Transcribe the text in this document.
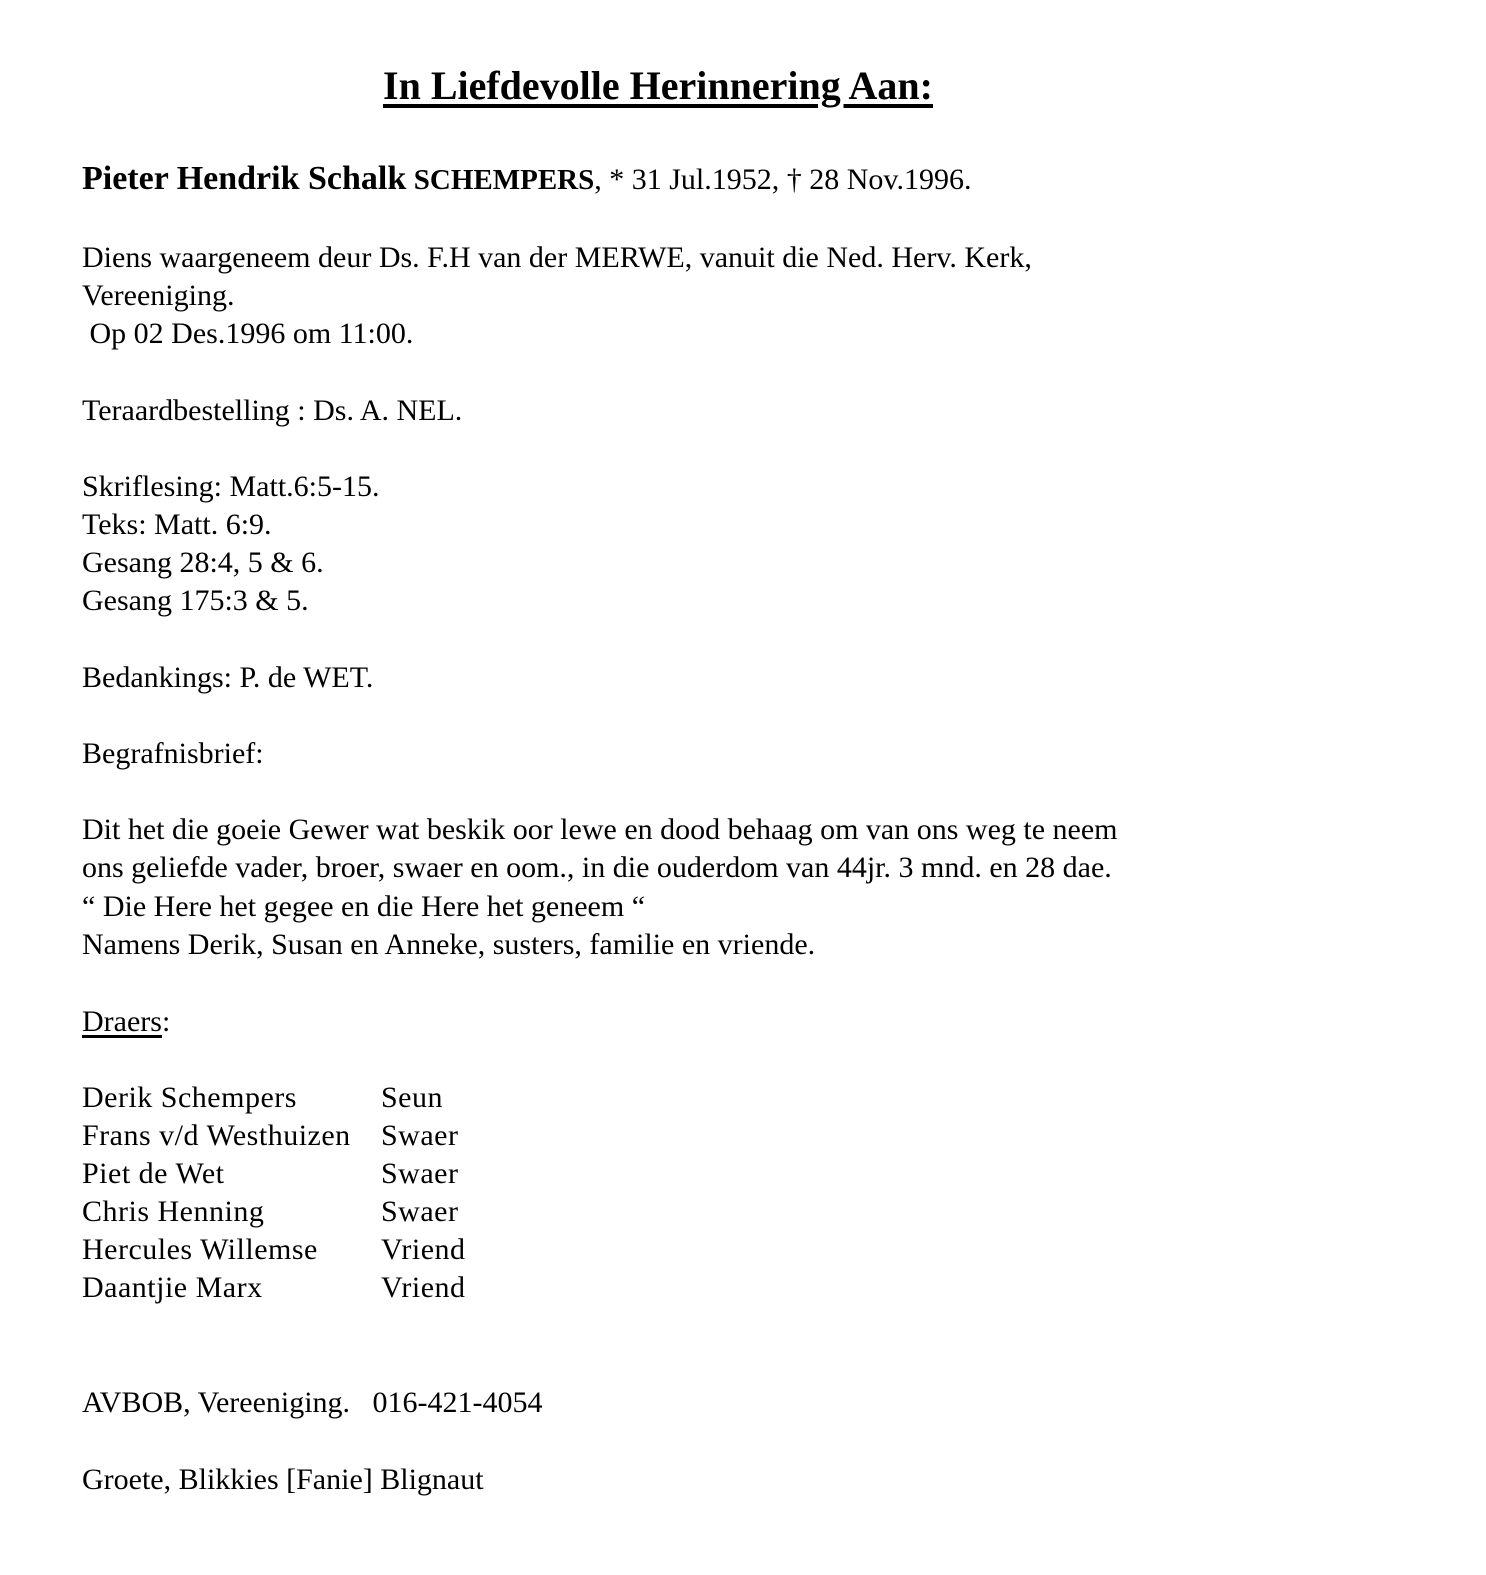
In Liefdevolle Herinnering Aan:

Pieter Hendrik Schalk SCHEMPERS, * 31 Jul.1952, † 28 Nov.1996.

Diens waargeneem deur Ds. F.H van der MERWE, vanuit die Ned. Herv. Kerk,

Vereeniging.

Op 02 Des.1996 om 11:00.

Teraardbestelling : Ds. A. NEL.

Skriflesing: Matt.6:5-15.

Teks: Matt. 6:9.

Gesang 28:4, 5 & 6.

Gesang 175:3 & 5.

Bedankings: P. de WET.

Begrafnisbrief:

Dit het die goeie Gewer wat beskik oor lewe en dood behaag om van ons weg te neem

ons geliefde vader, broer, swaer en oom., in die ouderdom van 44jr. 3 mnd. en 28 dae.

“ Die Here het gegee en die Here het geneem “

Namens Derik, Susan en Anneke, susters, familie en vriende.

Draers:

Derik Schempers	Seun
Frans v/d Westhuizen Swaer
Piet de Wet	Swaer
Chris Henning	Swaer
Hercules Willemse Vriend
Daantjie Marx	Vriend

AVBOB, Vereeniging.   016-421-4054

Groete, Blikkies [Fanie] Blignaut
